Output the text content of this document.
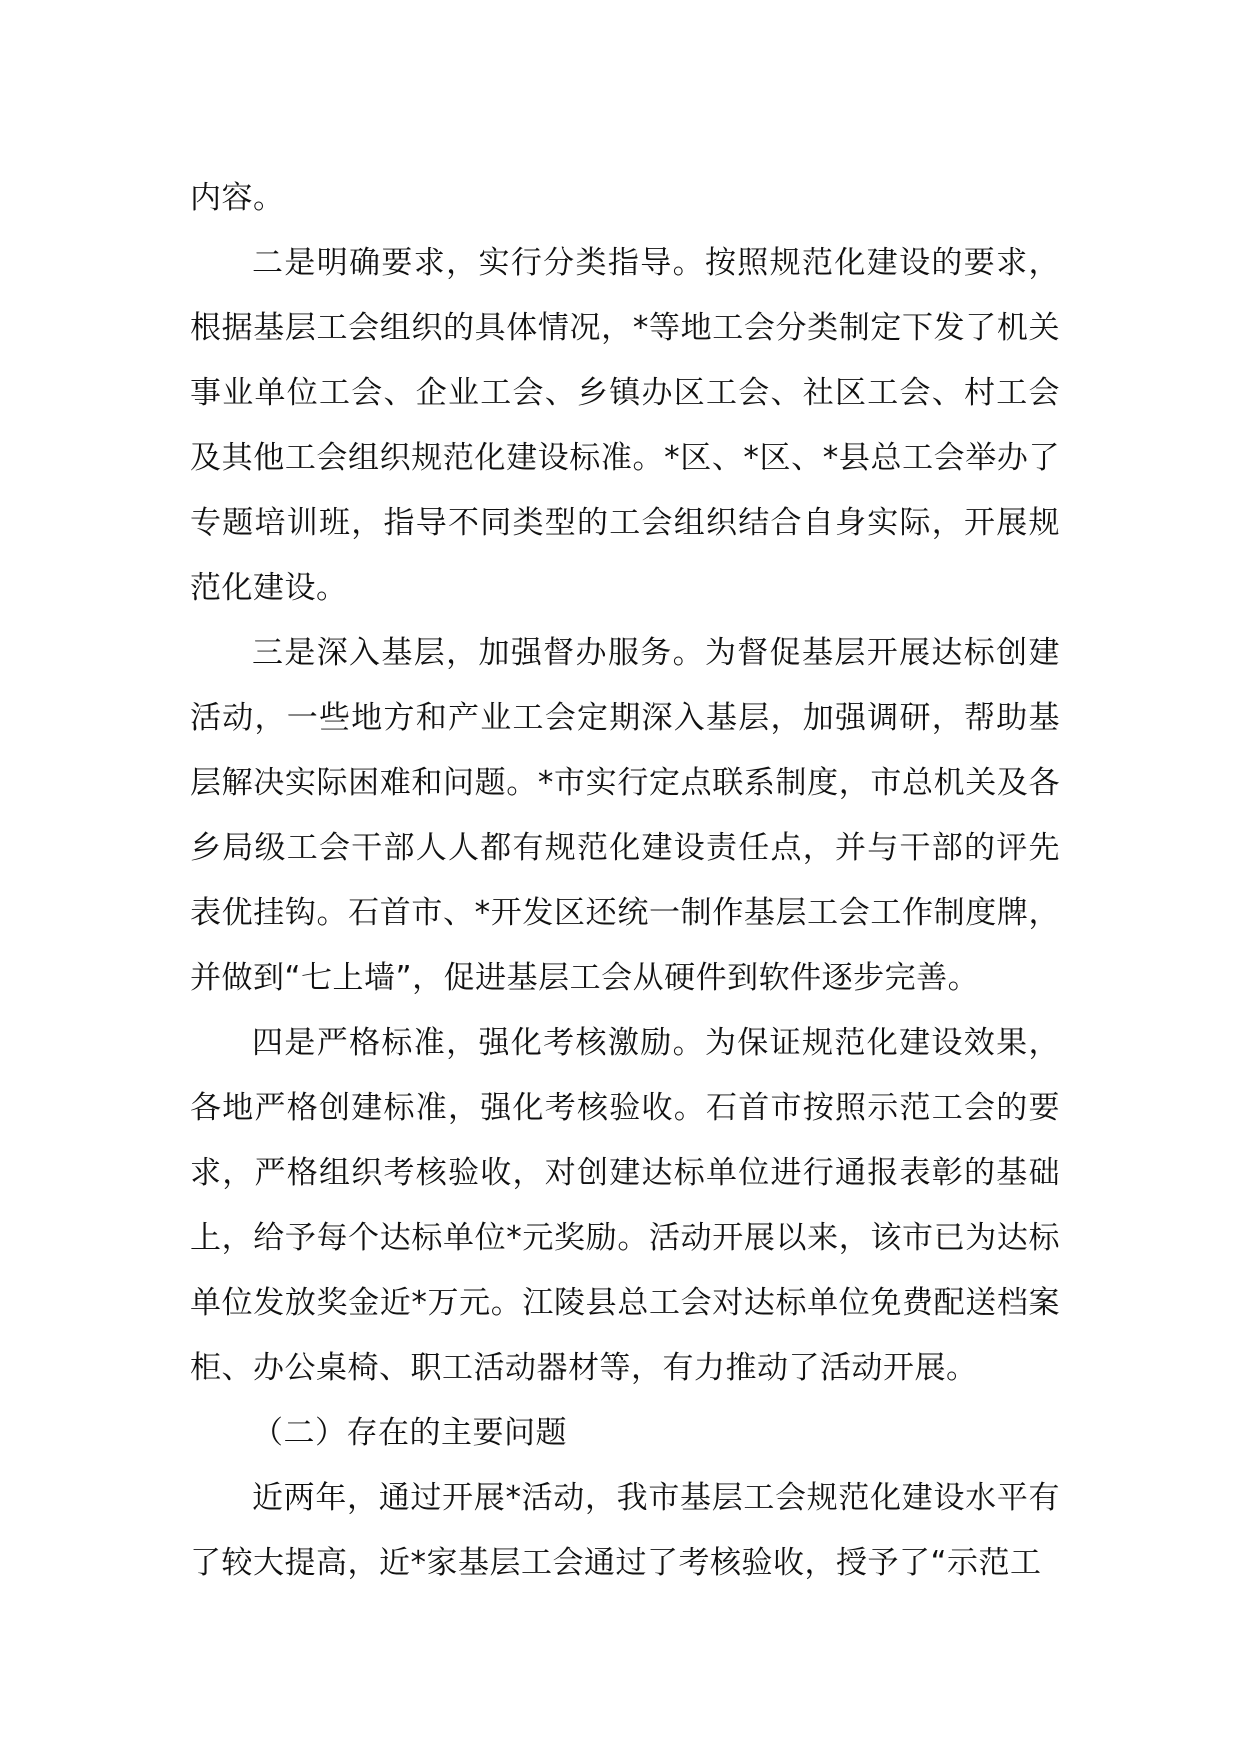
内容。

二是明确要求，实行分类指导。按照规范化建设的要求，根据基层工会组织的具体情况，*等地工会分类制定下发了机关事业单位工会、企业工会、乡镇办区工会、社区工会、村工会及其他工会组织规范化建设标准。*区、*区、*县总工会举办了专题培训班，指导不同类型的工会组织结合自身实际，开展规范化建设。

三是深入基层，加强督办服务。为督促基层开展达标创建活动，一些地方和产业工会定期深入基层，加强调研，帮助基层解决实际困难和问题。*市实行定点联系制度，市总机关及各乡局级工会干部人人都有规范化建设责任点，并与干部的评先表优挂钩。石首市、*开发区还统一制作基层工会工作制度牌，并做到“七上墙”，促进基层工会从硬件到软件逐步完善。

四是严格标准，强化考核激励。为保证规范化建设效果，各地严格创建标准，强化考核验收。石首市按照示范工会的要求，严格组织考核验收，对创建达标单位进行通报表彰的基础上，给予每个达标单位*元奖励。活动开展以来，该市已为达标单位发放奖金近*万元。江陵县总工会对达标单位免费配送档案柜、办公桌椅、职工活动器材等，有力推动了活动开展。

（二）存在的主要问题

近两年，通过开展*活动，我市基层工会规范化建设水平有了较大提高，近*家基层工会通过了考核验收，授予了“示范工
